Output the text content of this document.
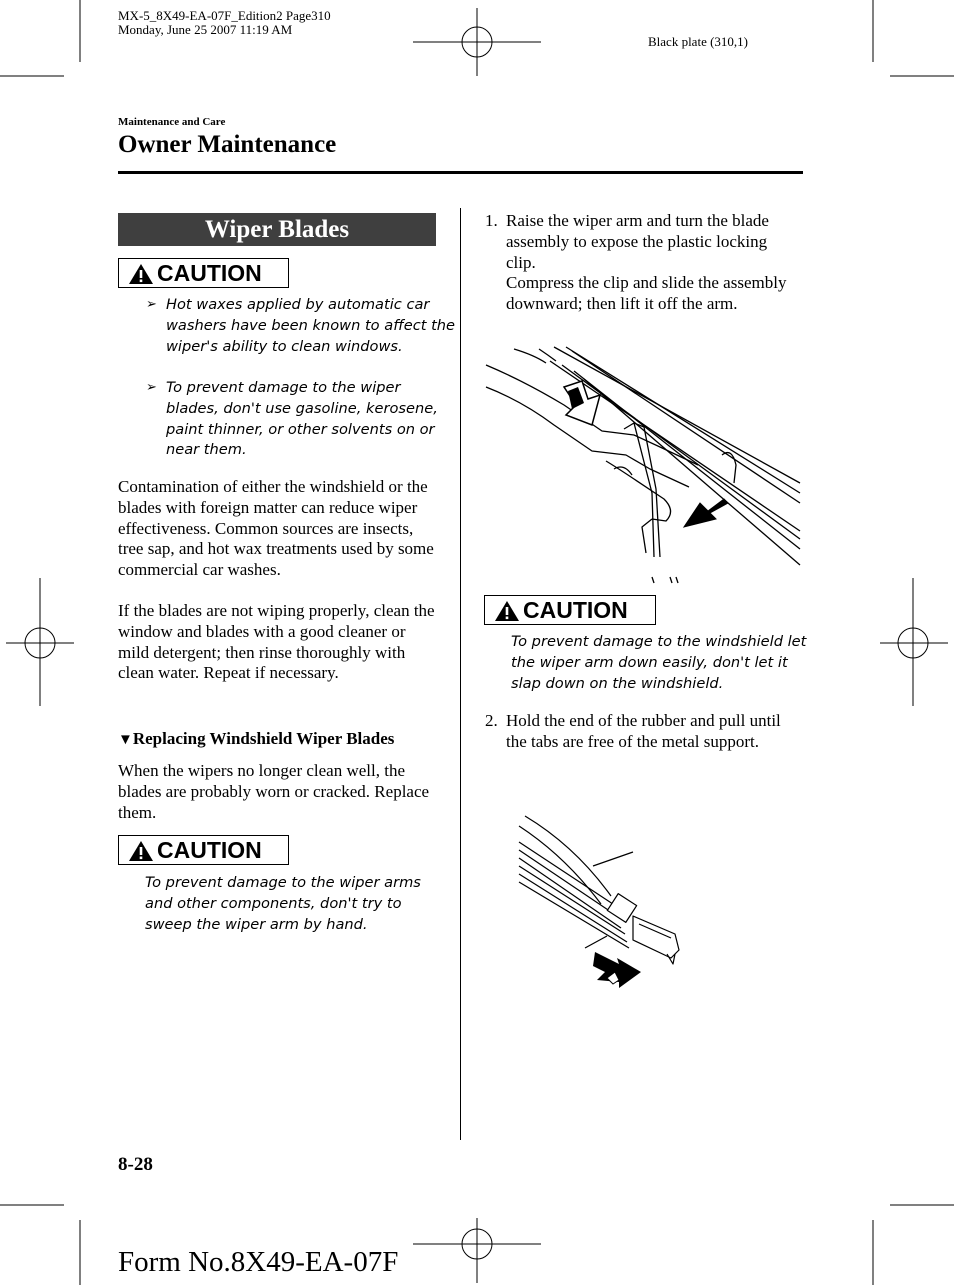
MX-5_8X49-EA-07F_Edition2 Page310
Monday, June 25 2007 11:19 AM
Black plate (310,1)
Maintenance and Care
Owner Maintenance
Wiper Blades
CAUTION
➢ Hot waxes applied by automatic car washers have been known to affect the wiper's ability to clean windows.
➢ To prevent damage to the wiper blades, don't use gasoline, kerosene, paint thinner, or other solvents on or near them.
Contamination of either the windshield or the blades with foreign matter can reduce wiper effectiveness. Common sources are insects, tree sap, and hot wax treatments used by some commercial car washes.
If the blades are not wiping properly, clean the window and blades with a good cleaner or mild detergent; then rinse thoroughly with clean water. Repeat if necessary.
▼Replacing Windshield Wiper Blades
When the wipers no longer clean well, the blades are probably worn or cracked. Replace them.
CAUTION
To prevent damage to the wiper arms and other components, don't try to sweep the wiper arm by hand.
1. Raise the wiper arm and turn the blade assembly to expose the plastic locking clip.
Compress the clip and slide the assembly downward; then lift it off the arm.
CAUTION
To prevent damage to the windshield let the wiper arm down easily, don't let it slap down on the windshield.
2. Hold the end of the rubber and pull until the tabs are free of the metal support.
8-28
Form No.8X49-EA-07F
